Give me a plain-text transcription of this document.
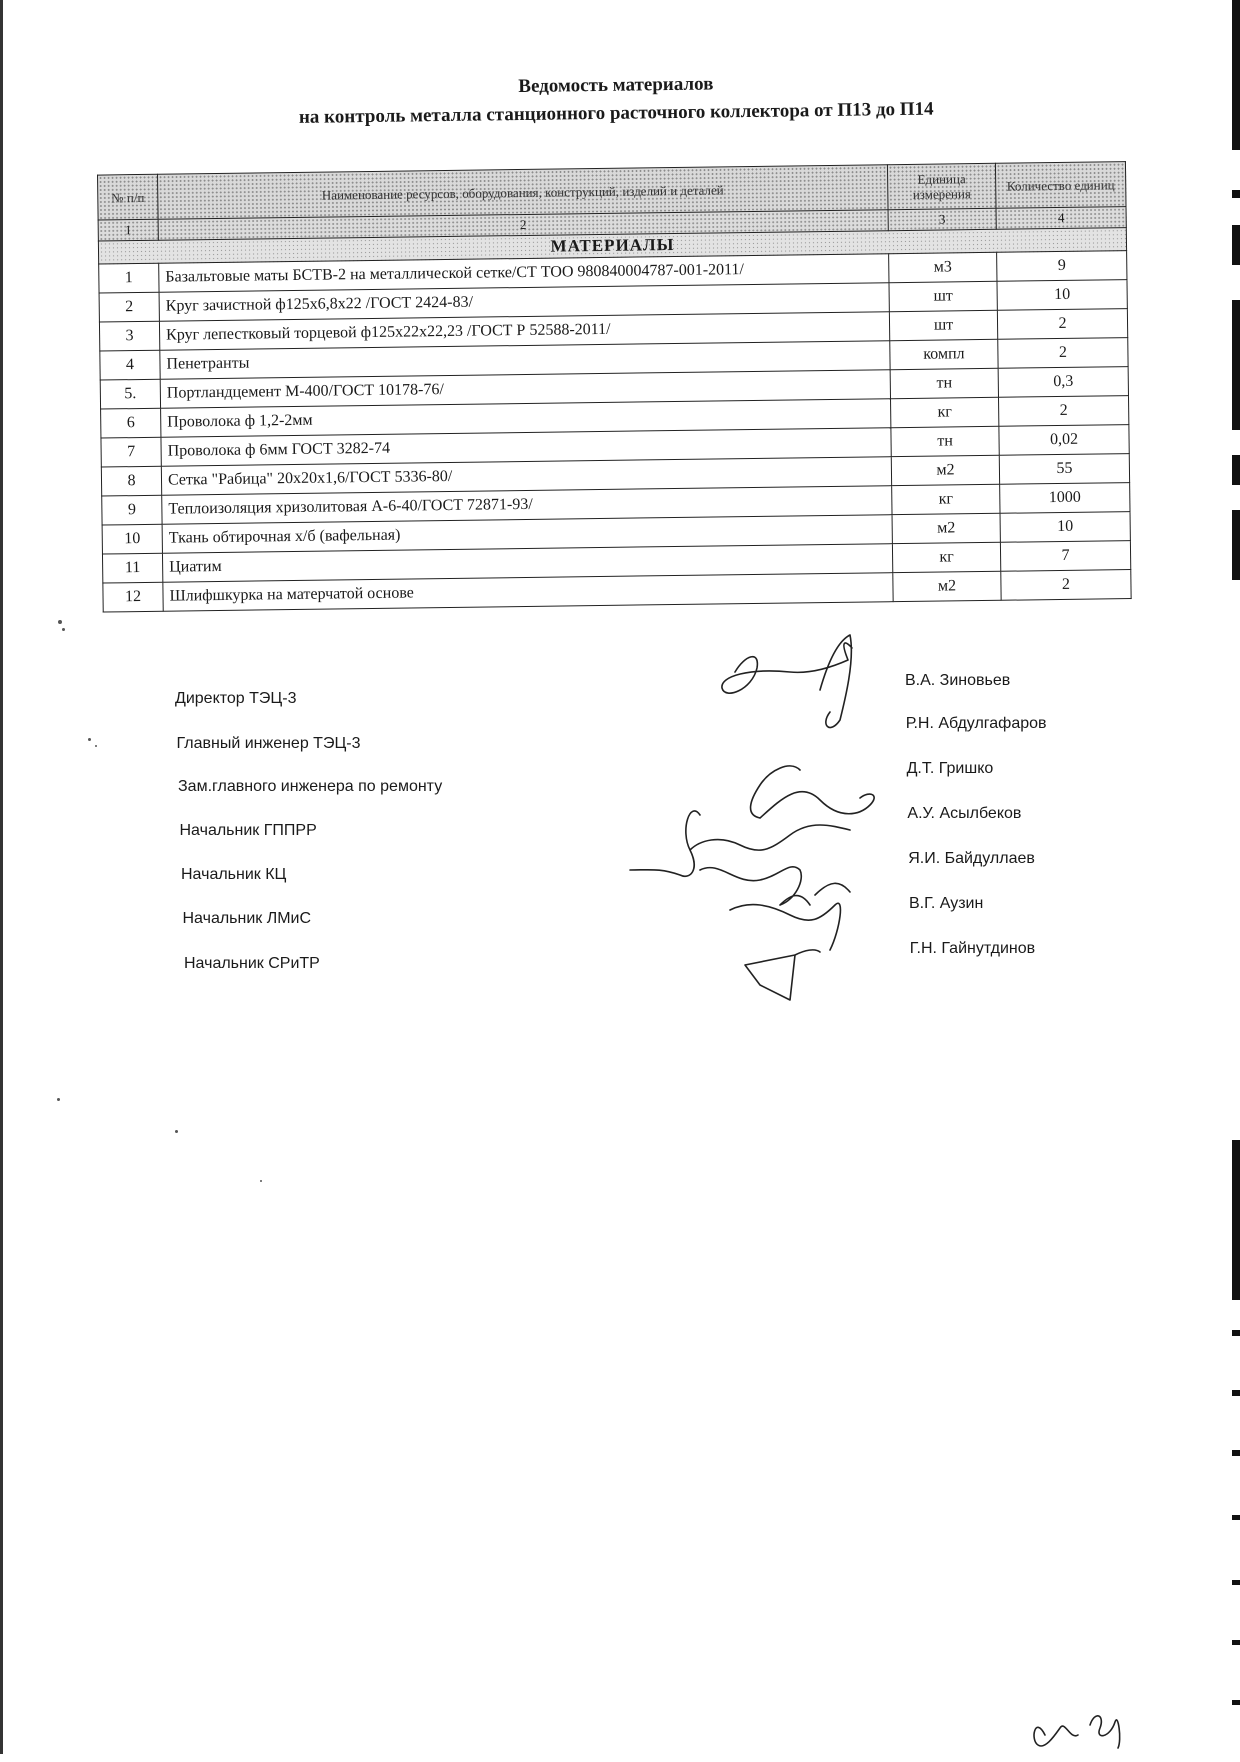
Ведомость материалов
на контроль металла станционного расточного коллектора от П13 до П14
№ п/п	Наименование ресурсов, оборудования, конструкций, изделий и деталей	Единица измерения	Количество единиц
1	2	3	4
МАТЕРИАЛЫ			
1	Базальтовые маты БСТВ-2 на металлической сетке/СТ ТОО 980840004787-001-2011/	м3	9
2	Круг зачистной ф125х6,8х22 /ГОСТ 2424-83/	шт	10
3	Круг лепестковый торцевой ф125х22х22,23 /ГОСТ Р 52588-2011/	шт	2
4	Пенетранты	компл	2
5.	Портландцемент М-400/ГОСТ 10178-76/	тн	0,3
6	Проволока ф 1,2-2мм	кг	2
7	Проволока ф 6мм ГОСТ 3282-74	тн	0,02
8	Сетка "Рабица" 20х20х1,6/ГОСТ 5336-80/	м2	55
9	Теплоизоляция хризолитовая А-6-40/ГОСТ 72871-93/	кг	1000
10	Ткань обтирочная х/б (вафельная)	м2	10
11	Циатим	кг	7
12	Шлифшкурка на матерчатой основе	м2	2
Директор ТЭЦ-3
В.А. Зиновьев
Главный инженер ТЭЦ-3
Р.Н. Абдулгафаров
Зам.главного инженера по ремонту
Д.Т. Гришко
Начальник ГППРР
А.У. Асылбеков
Начальник КЦ
Я.И. Байдуллаев
Начальник ЛМиС
В.Г. Аузин
Начальник СРиТР
Г.Н. Гайнутдинов
